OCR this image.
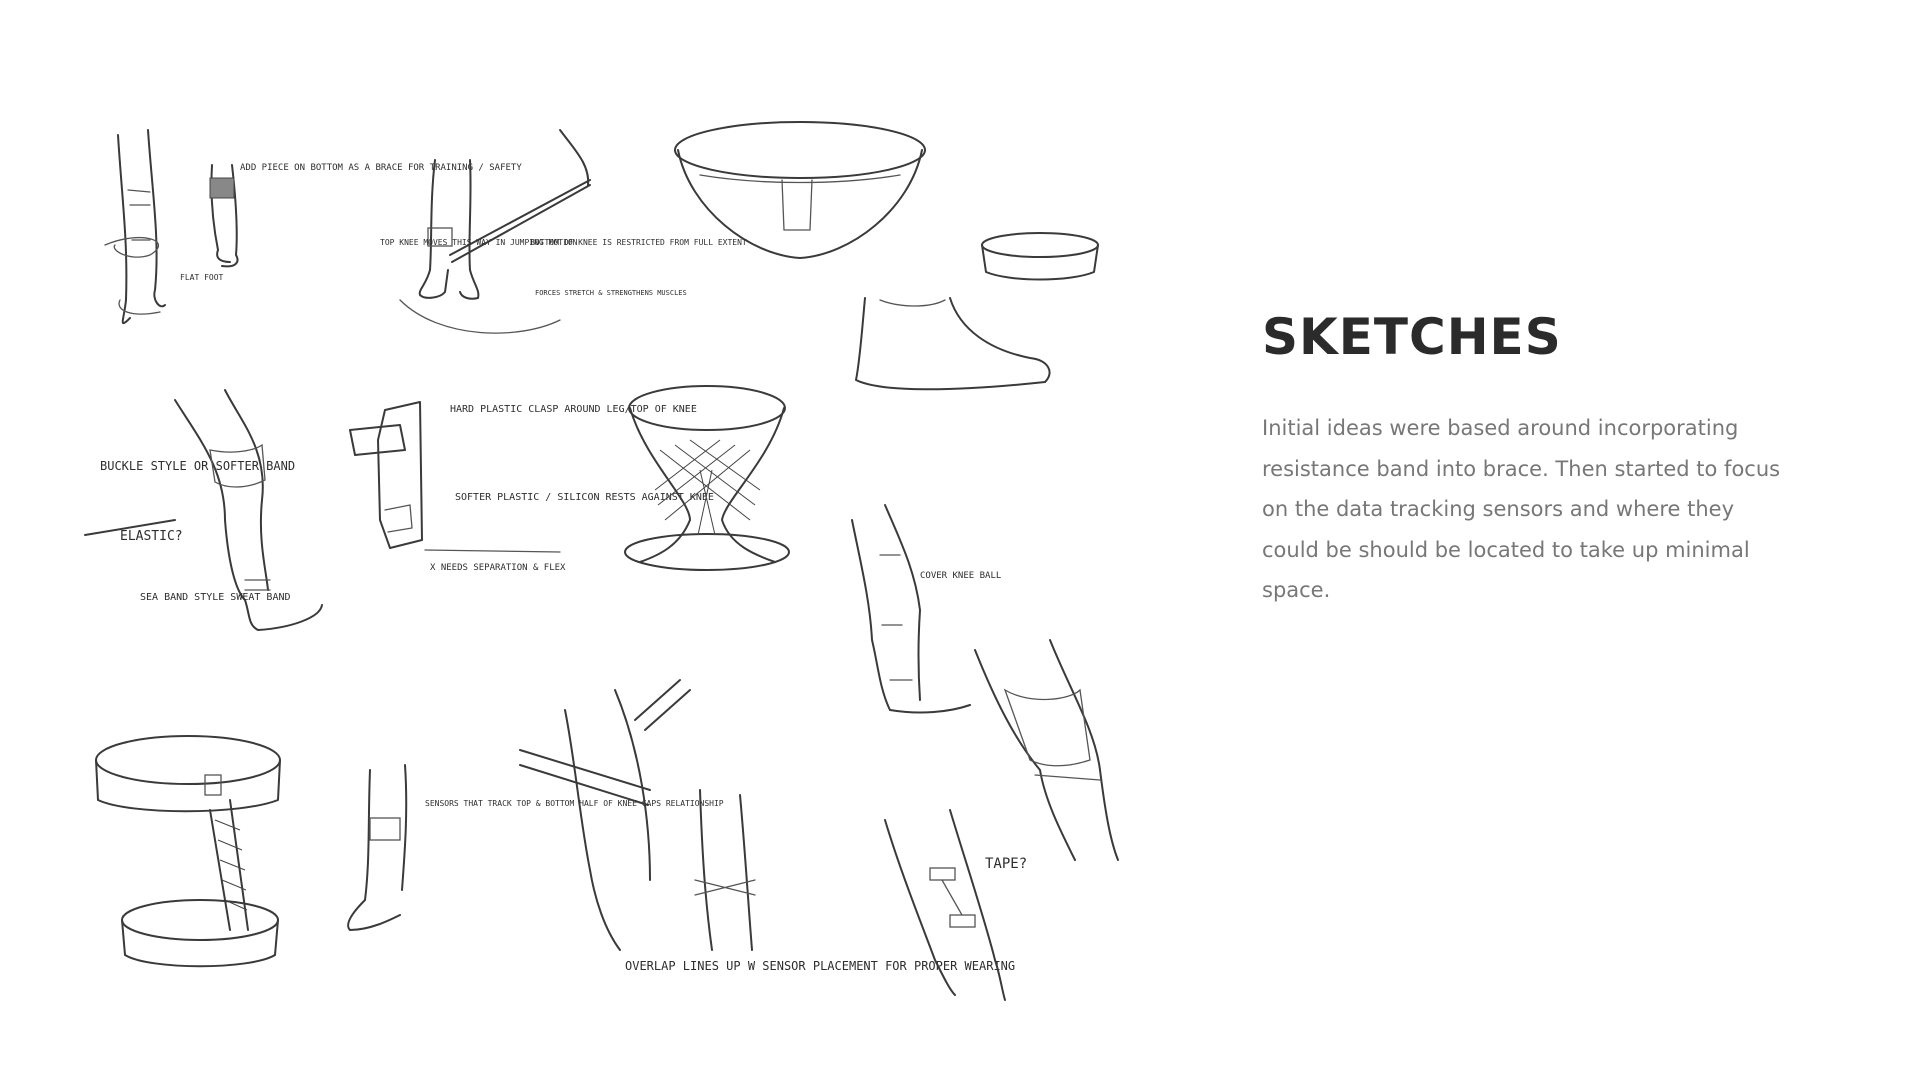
ADD PIECE ON BOTTOM AS A BRACE FOR TRAINING / SAFETY
FLAT FOOT
TOP KNEE MOVES THIS WAY IN JUMPING MOTION
BOTTOM OF KNEE IS RESTRICTED FROM FULL EXTENT
FORCES STRETCH & STRENGTHENS MUSCLES
BUCKLE STYLE OR SOFTER BAND
ELASTIC?
SEA BAND STYLE SWEAT BAND
HARD PLASTIC CLASP AROUND LEG/TOP OF KNEE
SOFTER PLASTIC / SILICON RESTS AGAINST KNEE
X NEEDS SEPARATION & FLEX
COVER KNEE BALL
SENSORS THAT TRACK TOP & BOTTOM HALF OF KNEE CAPS RELATIONSHIP
OVERLAP LINES UP W SENSOR PLACEMENT FOR PROPER WEARING
TAPE?
SKETCHES

Initial ideas were based around incorporating resistance band into brace. Then started to focus on the data tracking sensors and where they could be should be located to take up minimal space.
